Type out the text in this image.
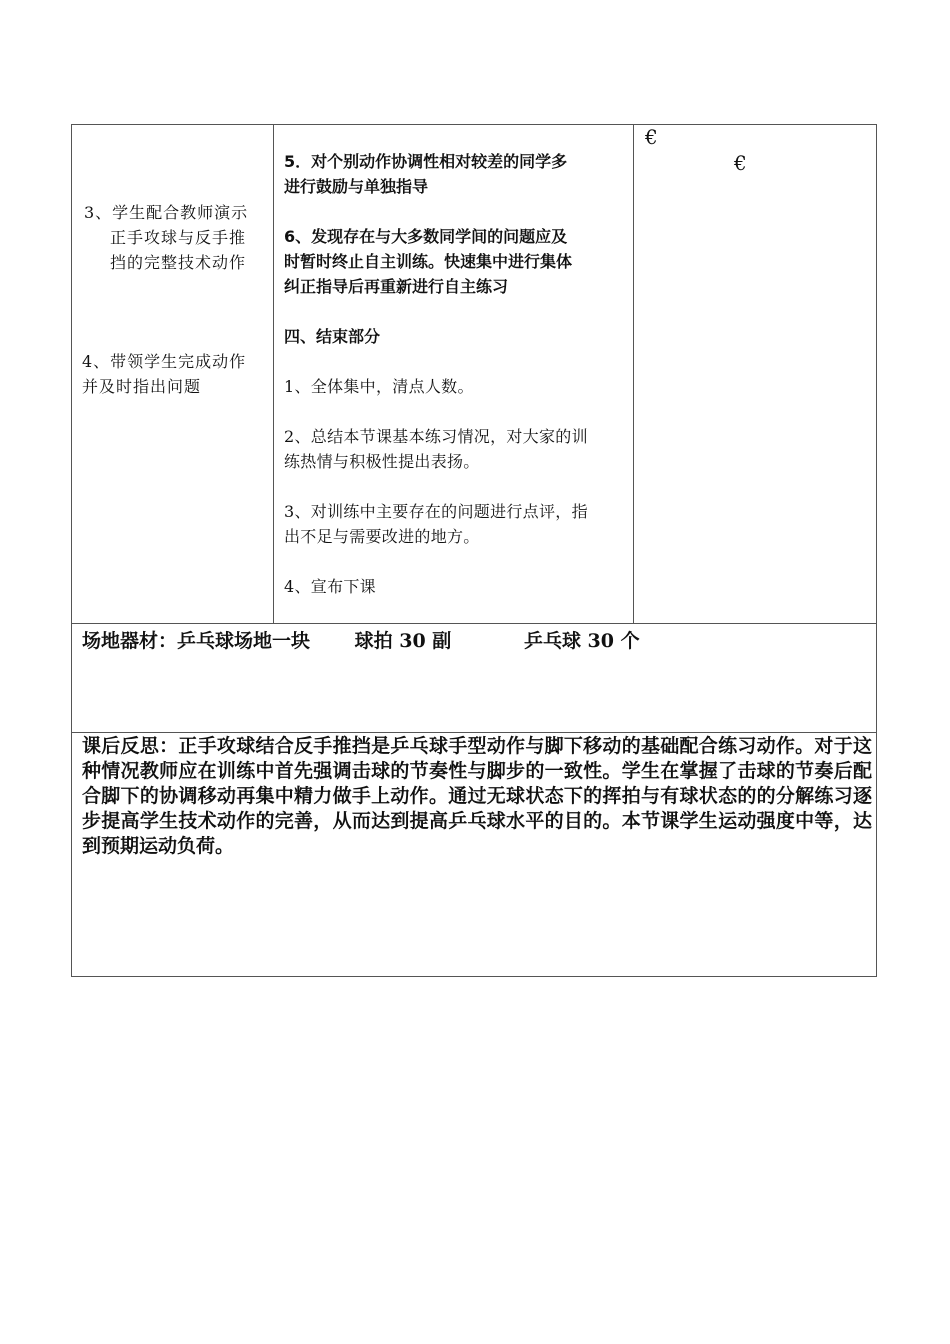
3、学生配合教师演示

正手攻球与反手推

挡的完整技术动作

4、带领学生完成动作

并及时指出问题

5．对个别动作协调性相对较差的同学多

进行鼓励与单独指导

6、发现存在与大多数同学间的问题应及

时暂时终止自主训练。快速集中进行集体

纠正指导后再重新进行自主练习

四、结束部分

1、全体集中，清点人数。

2、总结本节课基本练习情况，对大家的训

练热情与积极性提出表扬。

3、对训练中主要存在的问题进行点评，指

出不足与需要改进的地方。

4、宣布下课

€
€
场地器材：乒乓球场地一块 球拍 30 副	乒乓球 30 个
课后反思：正手攻球结合反手推挡是乒乓球手型动作与脚下移动的基础配合练习动作。对于这种情况教师应在训练中首先强调击球的节奏性与脚步的一致性。学生在掌握了击球的节奏后配合脚下的协调移动再集中精力做手上动作。通过无球状态下的挥拍与有球状态的的分解练习逐步提高学生技术动作的完善，从而达到提高乒乓球水平的目的。本节课学生运动强度中等，达到预期运动负荷。
